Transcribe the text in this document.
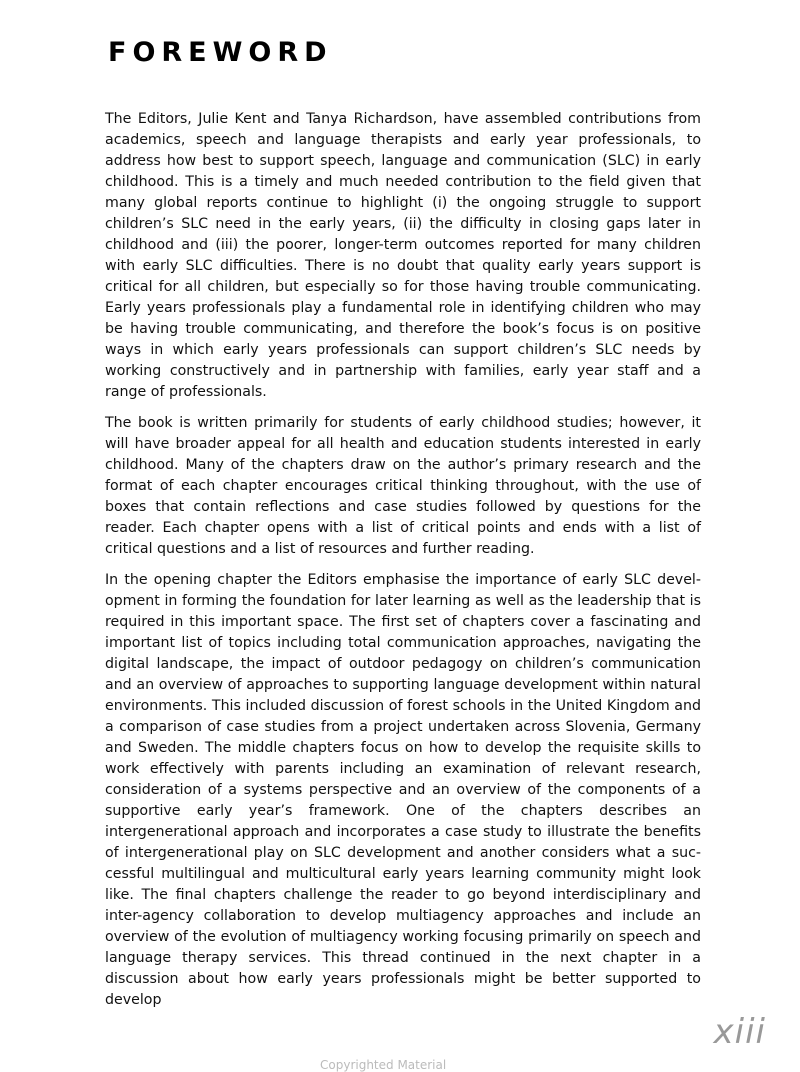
FOREWORD

The Editors, Julie Kent and Tanya Richardson, have assembled contributions from academics, speech and language therapists and early year professionals, to address how best to support speech, language and communication (SLC) in early childhood. This is a timely and much needed contribution to the field given that many global reports continue to highlight (i) the ongoing struggle to support children’s SLC need in the early years, (ii) the difficulty in closing gaps later in childhood and (iii) the poorer, longer-term outcomes reported for many children with early SLC difficulties. There is no doubt that quality early years support is critical for all children, but especially so for those having trouble communicating. Early years professionals play a fundamental role in identifying children who may be having trouble communicating, and therefore the book’s focus is on positive ways in which early years professionals can support children’s SLC needs by working constructively and in partnership with families, early year staff and a range of professionals.

The book is written primarily for students of early childhood studies; however, it will have broader appeal for all health and education students interested in early childhood. Many of the chapters draw on the author’s primary research and the format of each chapter encourages critical thinking throughout, with the use of boxes that contain reflections and case studies followed by questions for the reader. Each chapter opens with a list of critical points and ends with a list of critical questions and a list of resources and further reading.

In the opening chapter the Editors emphasise the importance of early SLC development in forming the foundation for later learning as well as the leadership that is required in this important space. The first set of chapters cover a fascinating and important list of topics including total communication approaches, navigating the digital landscape, the impact of outdoor pedagogy on children’s communication and an overview of approaches to supporting language development within natural environments. This included discussion of forest schools in the United Kingdom and a comparison of case studies from a project undertaken across Slovenia, Germany and Sweden. The middle chapters focus on how to develop the requisite skills to work effectively with parents including an examination of relevant research, consideration of a systems perspective and an overview of the components of a supportive early year’s framework. One of the chapters describes an intergenerational approach and incorporates a case study to illustrate the benefits of intergenerational play on SLC development and another considers what a successful multilingual and multicultural early years learning community might look like. The final chapters challenge the reader to go beyond interdisciplinary and inter-agency collaboration to develop multiagency approaches and include an overview of the evolution of multiagency working focusing primarily on speech and language therapy services. This thread continued in the next chapter in a discussion about how early years professionals might be better supported to develop

xiii
Copyrighted Material
